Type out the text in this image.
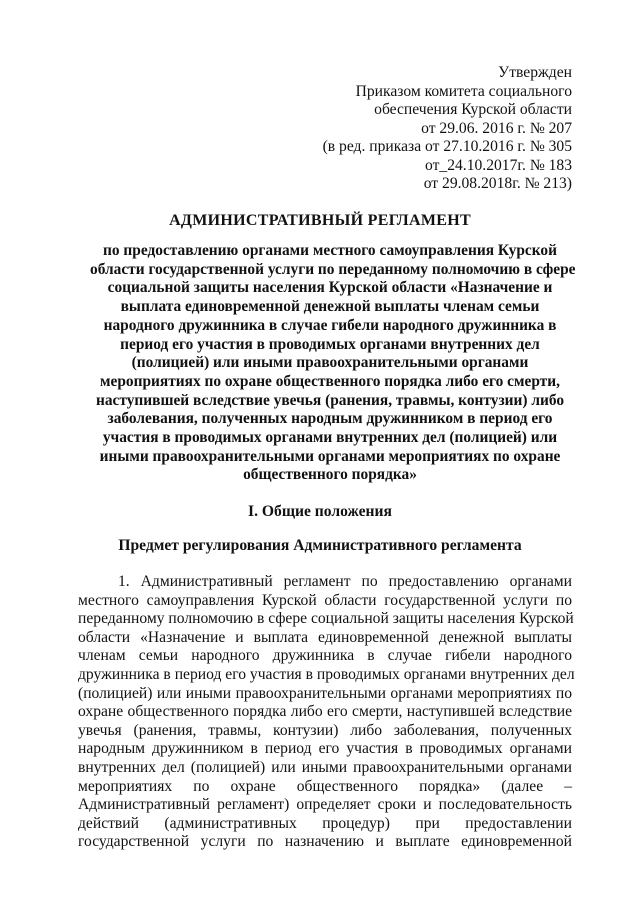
Утвержден
Приказом комитета социального
обеспечения Курской области
от 29.06. 2016 г. № 207
(в ред. приказа от 27.10.2016 г. № 305
от_24.10.2017г. № 183
от 29.08.2018г. № 213)
АДМИНИСТРАТИВНЫЙ РЕГЛАМЕНТ
по предоставлению органами местного самоуправления Курской
области государственной услуги по переданному полномочию в сфере
социальной защиты населения Курской области «Назначение и
выплата единовременной денежной выплаты членам семьи
народного дружинника в случае гибели народного дружинника в
период его участия в проводимых органами внутренних дел
(полицией) или иными правоохранительными органами
мероприятиях по охране общественного порядка либо его смерти,
наступившей вследствие увечья (ранения, травмы, контузии) либо
заболевания, полученных народным дружинником в период его
участия в проводимых органами внутренних дел (полицией) или
иными правоохранительными органами мероприятиях по охране
общественного порядка»
I. Общие положения
Предмет регулирования Административного регламента
1. Административный регламент по предоставлению органами
местного самоуправления Курской области государственной услуги по
переданному полномочию в сфере социальной защиты населения Курской
области «Назначение и выплата единовременной денежной выплаты
членам семьи народного дружинника в случае гибели народного
дружинника в период его участия в проводимых органами внутренних дел
(полицией) или иными правоохранительными органами мероприятиях по
охране общественного порядка либо его смерти, наступившей вследствие
увечья (ранения, травмы, контузии) либо заболевания, полученных
народным дружинником в период его участия в проводимых органами
внутренних дел (полицией) или иными правоохранительными органами
мероприятиях по охране общественного порядка» (далее –
Административный регламент) определяет сроки и последовательность
действий (административных процедур) при предоставлении
государственной услуги по назначению и выплате единовременной
